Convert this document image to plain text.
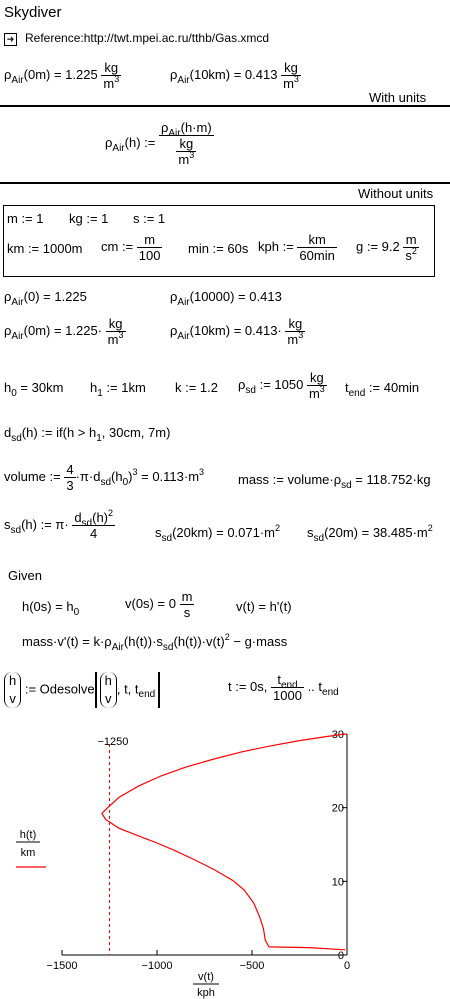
Skydiver
➜ Reference:http://twt.mpei.ac.ru/tthb/Gas.xmcd
$\rho_{Air}(0m) = 1.225 \frac{kg}{m^3}$	$\rho_{Air}(10km) = 0.413 \frac{kg}{m^3}$
With units
$\rho_{Air}(h)$ := $\frac{\rho_{Air}(h\cdot m)}{\frac{kg}{m^3}}$
Without units
m := 1 kg := 1 s := 1
km := 1000m cm := $\frac{m}{100}$ min := 60s kph := $\frac{km}{60\min}$ g := $9.2 \frac{m}{s^2}$
$\rho_{Air}(0) = 1.225$	$\rho_{Air}(10000) = 0.413$
$\rho_{Air}(0m) = 1.225\cdot \frac{kg}{m^3}$	$\rho_{Air}(10km) = 0.413\cdot \frac{kg}{m^3}$
$h_0 = 30km$ $h_1$ := 1km k := 1.2 $\rho_{sd}$ := $1050 \frac{kg}{m^3} t_{end}$ := 40min
$d_{sd}(h)$ := $if(h > h_1$, 30cm, 7m)
volume := $\frac{4}{3} \cdot\pi\cdot d_{sd}(h_0)^3 = 0.113\cdot m^3$
mass := $volume\cdot\rho_{sd} = 118.752\cdot kg$
$s_{sd}(h)$ := $\pi\cdot \frac{d_{sd}(h)^2}{4}$	$s_{sd}(20km) = 0.071\cdot m^2$ $s_{sd}(20m) = 38.485\cdot m^2$
Given
$h(0s) = h_0$
$v(0s) = 0 \frac{m}{s}$	v(t) = h'(t)
mass·v'(t) = $k\cdot\rho_{Air}(h(t))\cdot s_{sd}(h(t))\cdot v(t)^2$ − g·mass
h
v
:= Odesolve
h
v
, t, $t_{end}$
t := 0s, $\frac{t_{end}}{1000}$ .. $t_{end}$
−1500	−1000	−500	0
0
10
20
30
−1250
h(t)
km
v(t)
kph
